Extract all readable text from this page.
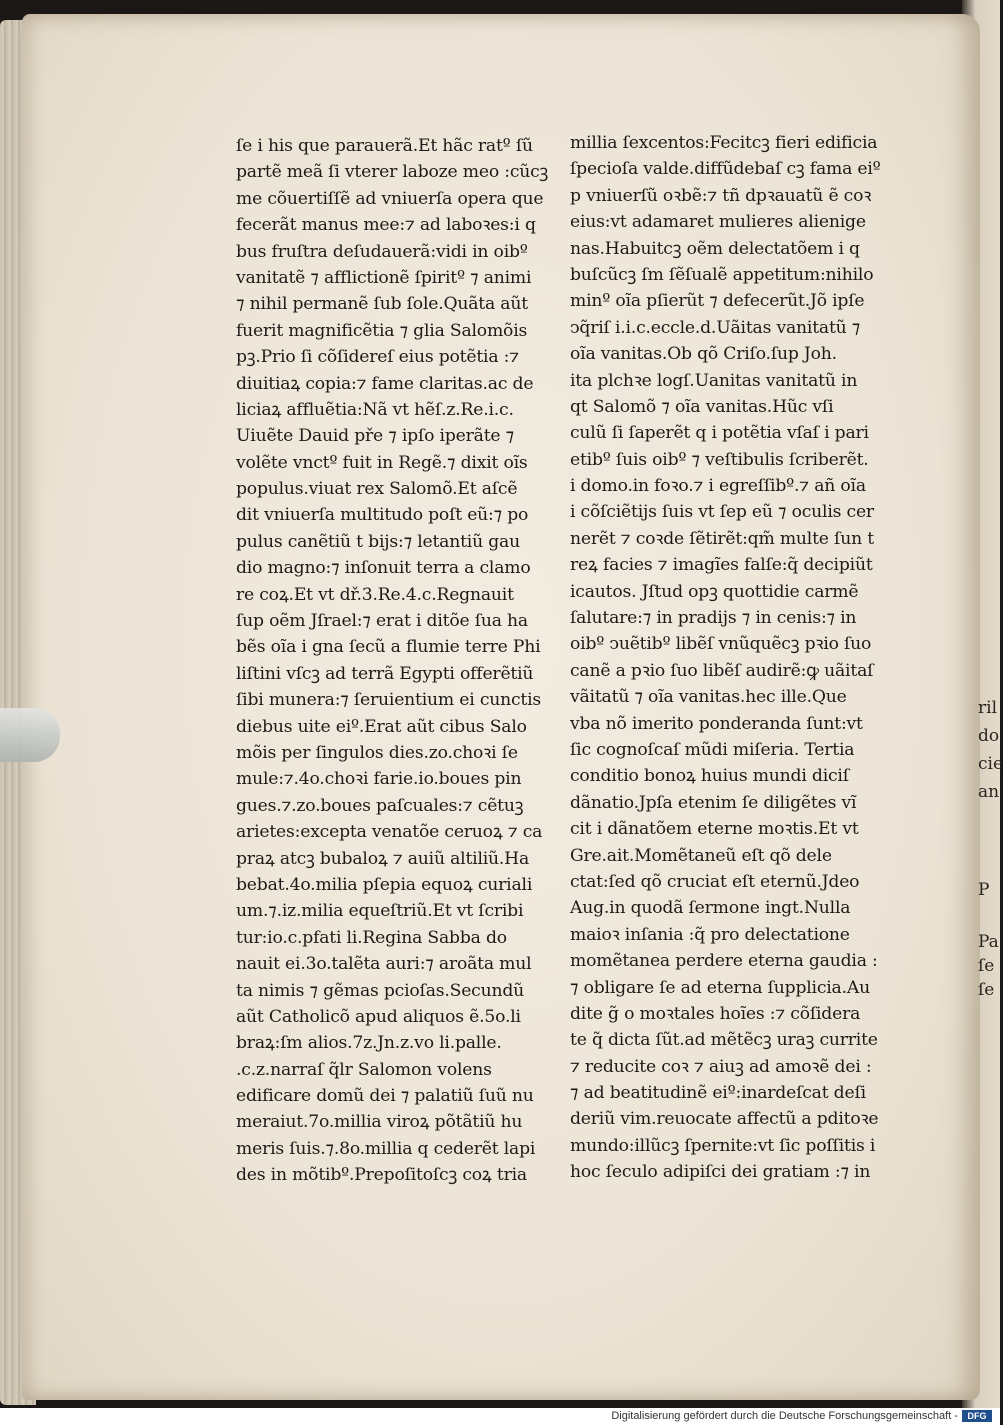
ſe i his que parauerã.Et hãc ratº ſũ
partẽ meã ſi vterer laboze meo :cũcꝫ
me cõuertiſſẽ ad vniuerſa opera que
fecerãt manus mee:⁊ ad laboꝛes:i q
bus fruſtra deſudauerã:vidi in oibº
vanitatẽ ⁊ afflictionẽ ſpiritº ⁊ animi
⁊ nihil permanẽ ſub ſole.Quãta aũt
fuerit magnificẽtia ⁊ glia Salomõis
pꝫ.Prio ſi cõſidereſ eius potẽtia :⁊
diuitiaꝝ copia:⁊ fame claritas.ac de
liciaꝝ affluẽtia:Nã vt hẽſ.z.Re.i.c.
Uiuẽte Dauid pře ⁊ ipſo iperãte ⁊
volẽte vnctº fuit in Regẽ.⁊ dixit oĩs
populus.viuat rex Salomõ.Et aſcẽ
dit vniuerſa multitudo poſt eũ:⁊ po
pulus canẽtiũ t bijs:⁊ letantiũ gau
dio magno:⁊ inſonuit terra a clamo
re coꝝ.Et vt dř.3.Re.4.c.Regnauit
ſup oẽm Jſrael:⁊ erat i ditõe ſua ha
bẽs oĩa i gna ſecũ a flumie terre Phi
liſtini vſcꝫ ad terrã Egypti offerẽtiũ
ſibi munera:⁊ ſeruientium ei cunctis
diebus uite eiº.Erat aũt cibus Salo
mõis per ſingulos dies.zo.choꝛi ſe
mule:⁊.4o.choꝛi farie.io.boues pin
gues.⁊.zo.boues paſcuales:⁊ cẽtuꝫ
arietes:excepta venatõe ceruoꝝ ⁊ ca
praꝝ atcꝫ bubaloꝝ ⁊ auiũ altiliũ.Ha
bebat.4o.milia pſepia equoꝝ curiali
um.⁊.iz.milia equeſtriũ.Et vt ſcribi
tur:io.c.pfati li.Regina Sabba do
nauit ei.3o.talẽta auri:⁊ aroãta mul
ta nimis ⁊ gẽmas pcioſas.Secundũ
aũt Catholicõ apud aliquos ẽ.5o.li
braꝝ:ſm alios.7z.Jn.z.vo li.palle.
.c.z.narraſ q̃lr Salomon volens
edificare domũ dei ⁊ palatiũ ſuũ nu
meraiut.7o.millia viroꝝ põtãtiũ hu
meris ſuis.⁊.8o.millia q cederẽt lapi
des in mõtibº.Prepoſitoſcꝫ coꝝ tria
millia ſexcentos:Fecitcꝫ fieri edificia
ſpecioſa valde.diffũdebaſ cꝫ fama eiº
p vniuerſũ oꝛbẽ:⁊ tñ dpꝛauatũ ẽ coꝛ
eius:vt adamaret mulieres alienige
nas.Habuitcꝫ oẽm delectatõem i q
buſcũcꝫ ſm ſẽſualẽ appetitum:nihilo
minº oĩa pſierũt ⁊ defecerũt.Jõ ipſe
ↄq̃riſ i.i.c.eccle.d.Uãitas vanitatũ ⁊
oĩa vanitas.Ob qõ Criſo.ſup Joh.
ita plchꝛe logſ.Uanitas vanitatũ in
qt Salomõ ⁊ oĩa vanitas.Hũc vſi
culũ ſi ſaperẽt q i potẽtia vſaſ i pari
etibº ſuis oibº ⁊ veſtibulis ſcriberẽt.
i domo.in foꝛo.⁊ i egreſſibº.⁊ añ oĩa
i cõſciẽtijs ſuis vt ſep eũ ⁊ oculis cer
nerẽt ⁊ coꝛde ſẽtirẽt:qm̃ multe ſun t
reꝝ facies ⁊ imagĩes falſe:q̃ decipiũt
icautos. Jſtud opꝫ quottidie carmẽ
ſalutare:⁊ in pradijs ⁊ in cenis:⁊ in
oibº ↄuẽtibº libẽſ vnũquẽcꝫ pꝛio ſuo
canẽ a pꝛio ſuo libẽſ audirẽ:ꝙ uãitaſ
vãitatũ ⁊ oĩa vanitas.hec ille.Que
vba nõ imerito ponderanda ſunt:vt
ſic cognoſcaſ mũdi miſeria. Tertia
conditio bonoꝝ huius mundi diciſ
dãnatio.Jpſa etenim ſe diligẽtes vĩ
cit i dãnatõem eterne moꝛtis.Et vt
Gre.ait.Momẽtaneũ eſt qõ dele
ctat:ſed qõ cruciat eſt eternũ.Jdeo
Aug.in quodã ſermone ingt.Nulla
maioꝛ inſania :q̃ pro delectatione
momẽtanea perdere eterna gaudia :
⁊ obligare ſe ad eterna ſupplicia.Au
dite g̃ o moꝛtales hoĩes :⁊ cõſidera
te q̃ dicta ſũt.ad mẽtẽcꝫ uraꝫ currite
⁊ reducite coꝛ ⁊ aiuꝫ ad amoꝛẽ dei :
⁊ ad beatitudinẽ eiº:inardeſcat deſi
deriũ vim.reuocate affectũ a pditoꝛe
mundo:illũcꝫ ſpernite:vt ſic poſſitis i
hoc ſeculo adipiſci dei gratiam :⁊ in
ril
do
cie
an
P
Pa
ſe
ſe
Digitalisierung gefördert durch die Deutsche Forschungsgemeinschaft -	DFG
